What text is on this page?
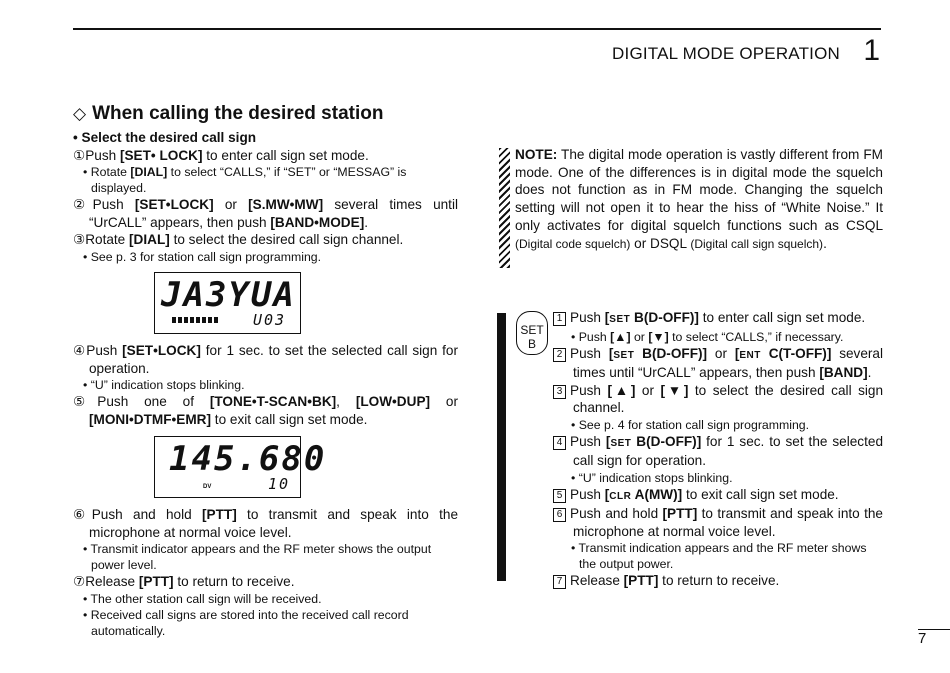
DIGITAL MODE OPERATION 1
◇ When calling the desired station
• Select the desired call sign
①Push [SET• LOCK] to enter call sign set mode.
• Rotate [DIAL] to select “CALLS,” if “SET” or “MESSAG” is displayed.
②Push [SET•LOCK] or [S.MW•MW] several times until “UrCALL” appears, then push [BAND•MODE].
③Rotate [DIAL] to select the desired call sign channel.
• See p. 3 for station call sign programming.
JA3YUA
U03
④Push [SET•LOCK] for 1 sec. to set the selected call sign for operation.
• “U” indication stops blinking.
⑤Push one of [TONE•T-SCAN•BK], [LOW•DUP] or [MONI•DTMF•EMR] to exit call sign set mode.
145.680
DV	10
⑥Push and hold [PTT] to transmit and speak into the microphone at normal voice level.
• Transmit indicator appears and the RF meter shows the output power level.
⑦Release [PTT] to return to receive.
• The other station call sign will be received.
• Received call signs are stored into the received call record automatically.
NOTE: The digital mode operation is vastly different from FM mode. One of the differences is in digital mode the squelch does not function as in FM mode. Changing the squelch setting will not open it to hear the hiss of “White Noise.” It only activates for digital squelch functions such as CSQL (Digital code squelch) or DSQL (Digital call sign squelch).
SET
B
1 Push [SET B(D-OFF)] to enter call sign set mode.
• Push [▲] or [▼] to select “CALLS,” if necessary.
2 Push [SET B(D-OFF)] or [ENT C(T-OFF)] several times until “UrCALL” appears, then push [BAND].
3 Push [▲] or [▼] to select the desired call sign channel.
• See p. 4 for station call sign programming.
4 Push [SET B(D-OFF)] for 1 sec. to set the selected call sign for operation.
• “U” indication stops blinking.
5 Push [CLR A(MW)] to exit call sign set mode.
6 Push and hold [PTT] to transmit and speak into the microphone at normal voice level.
• Transmit indication appears and the RF meter shows the output power.
7 Release [PTT] to return to receive.
7
